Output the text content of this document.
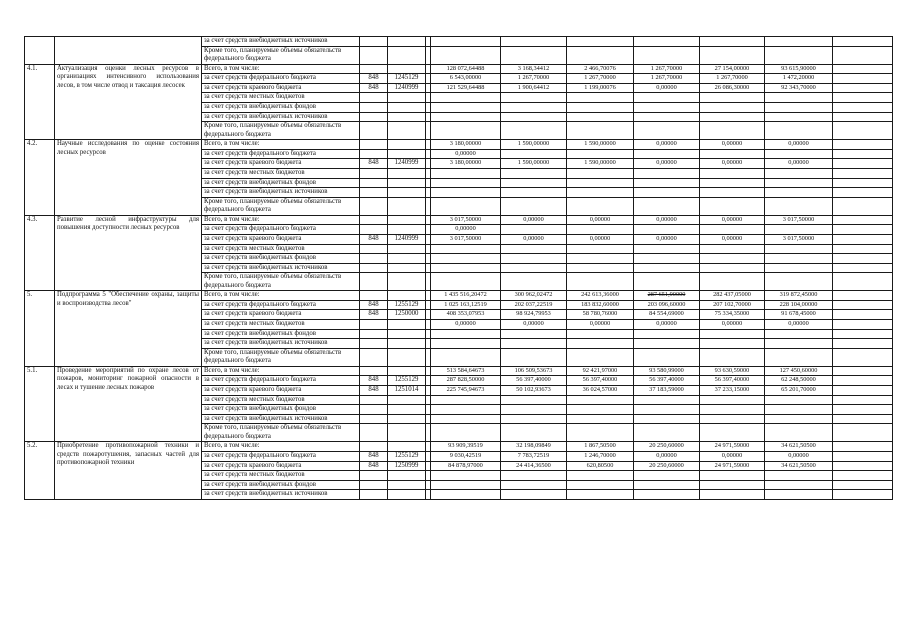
		за счет средств внебюджетных источников										
		Кроме того, планируемые объемы обязательств федерального бюджета										
4.1.	Актуализация оценки лесных ресурсов в организациях интенсивного использования лесов, в том числе отвод и таксация лесосек	Всего, в том числе:				128 072,64488	3 168,34412	2 466,70076	1 267,70000	27 154,00000	93 615,90000	
		за счет средств федерального бюджета	848	1245129		6 543,00000	1 267,70000	1 267,70000	1 267,70000	1 267,70000	1 472,20000	
		за счет средств краевого бюджета	848	1240999		121 529,64488	1 900,64412	1 199,00076	0,00000	26 086,30000	92 343,70000	
		за счет средств местных бюджетов										
		за счет средств внебюджетных фондов										
		за счет средств внебюджетных источников										
		Кроме того, планируемые объемы обязательств федерального бюджета										
4.2.	Научные исследования по оценке состояния лесных ресурсов	Всего, в том числе:				3 180,00000	1 590,00000	1 590,00000	0,00000	0,00000	0,00000	
		за счет средств федерального бюджета				0,00000						
		за счет средств краевого бюджета	848	1240999		3 180,00000	1 590,00000	1 590,00000	0,00000	0,00000	0,00000	
		за счет средств местных бюджетов										
		за счет средств внебюджетных фондов										
		за счет средств внебюджетных источников										
		Кроме того, планируемые объемы обязательств федерального бюджета										
4.3.	Развитие лесной инфраструктуры для повышения доступности лесных ресурсов	Всего, в том числе:				3 017,50000	0,00000	0,00000	0,00000	0,00000	3 017,50000	
		за счет средств федерального бюджета				0,00000						
		за счет средств краевого бюджета	848	1240999		3 017,50000	0,00000	0,00000	0,00000	0,00000	3 017,50000	
		за счет средств местных бюджетов										
		за счет средств внебюджетных фондов										
		за счет средств внебюджетных источников										
		Кроме того, планируемые объемы обязательств федерального бюджета										
5.	Подпрограмма 5 "Обеспечение охраны, защиты и воспроизводства лесов"	Всего, в том числе:				1 435 516,20472	300 962,02472	242 613,36000	287 651,90000	282 437,05000	319 872,45000	
		за счет средств федерального бюджета	848	1255129		1 025 163,12519	202 037,22519	183 832,60000	203 096,60000	207 102,70000	228 104,00000	
		за счет средств краевого бюджета	848	1250000		408 353,07953	98 924,79953	58 780,76000	84 554,69000	75 334,35000	91 678,45000	
		за счет средств местных бюджетов				0,00000	0,00000	0,00000	0,00000	0,00000	0,00000	
		за счет средств внебюджетных фондов										
		за счет средств внебюджетных источников										
		Кроме того, планируемые объемы обязательств федерального бюджета										
5.1.	Проведение мероприятий по охране лесов от пожаров, мониторинг пожарной опасности в лесах и тушение лесных пожаров	Всего, в том числе:				513 584,64673	106 509,53673	92 421,97000	93 580,99000	93 630,59000	127 450,60000	
		за счет средств федерального бюджета	848	1255129		287 828,50000	56 397,40000	56 397,40000	56 397,40000	56 397,40000	62 248,50000	
		за счет средств краевого бюджета	848	1251014		225 745,94673	50 102,93673	36 024,57000	37 183,59000	37 233,15000	65 201,70000	
		за счет средств местных бюджетов										
		за счет средств внебюджетных фондов										
		за счет средств внебюджетных источников										
		Кроме того, планируемые объемы обязательств федерального бюджета										
5.2.	Приобретение противопожарной техники и средств пожаротушения, запасных частей для противопожарной техники	Всего, в том числе:				93 909,39519	32 198,09849	1 867,50500	20 250,60000	24 971,59000	34 621,50500	
		за счет средств федерального бюджета	848	1255129		9 030,42519	7 783,72519	1 246,70000	0,00000	0,00000	0,00000	
		за счет средств краевого бюджета	848	1250999		84 878,97000	24 414,36500	620,80500	20 250,60000	24 971,59000	34 621,50500	
		за счет средств местных бюджетов										
		за счет средств внебюджетных фондов										
		за счет средств внебюджетных источников										
